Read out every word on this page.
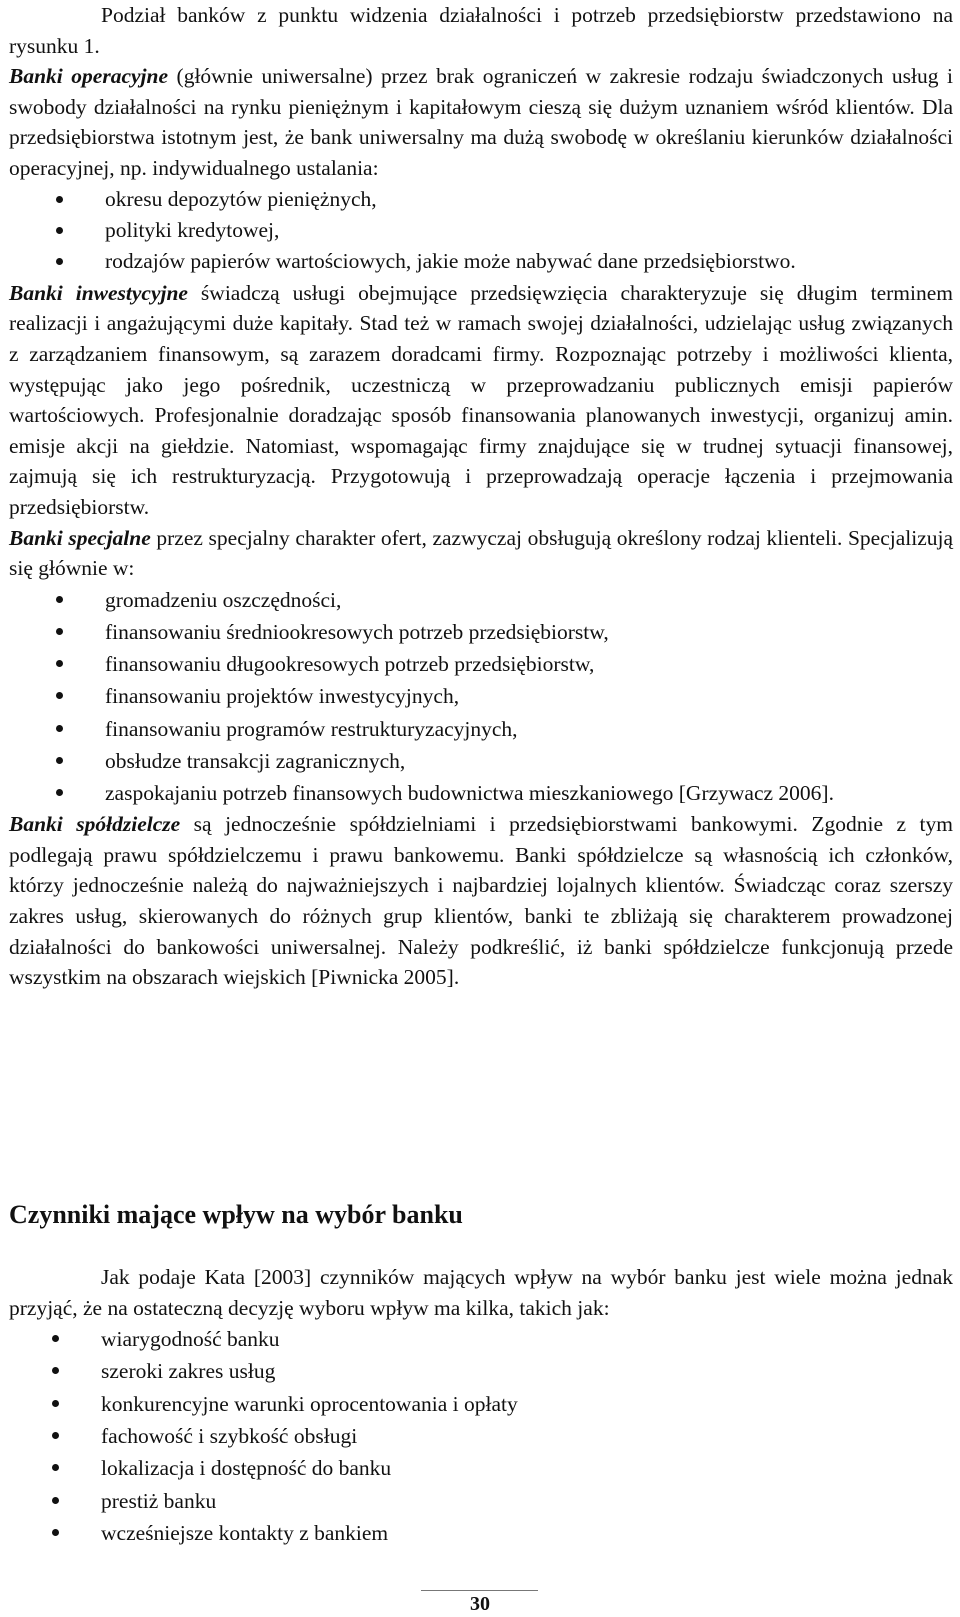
Podział banków z punktu widzenia działalności i potrzeb przedsiębiorstw przedstawiono na rysunku 1.

Banki operacyjne (głównie uniwersalne) przez brak ograniczeń w zakresie rodzaju świadczonych usług i swobody działalności na rynku pieniężnym i kapitałowym cieszą się dużym uznaniem wśród klientów. Dla przedsiębiorstwa istotnym jest, że bank uniwersalny ma dużą swobodę w określaniu kierunków działalności operacyjnej, np. indywidualnego ustalania:

okresu depozytów pieniężnych,
polityki kredytowej,
rodzajów papierów wartościowych, jakie może nabywać dane przedsiębiorstwo.

Banki inwestycyjne świadczą usługi obejmujące przedsięwzięcia charakteryzuje się długim terminem realizacji i angażującymi duże kapitały. Stad też w ramach swojej działalności, udzielając usług związanych z zarządzaniem finansowym, są zarazem doradcami firmy. Rozpoznając potrzeby i możliwości klienta, występując jako jego pośrednik, uczestniczą w przeprowadzaniu publicznych emisji papierów wartościowych. Profesjonalnie doradzając sposób finansowania planowanych inwestycji, organizuj amin. emisje akcji na giełdzie. Natomiast, wspomagając firmy znajdujące się w trudnej sytuacji finansowej, zajmują się ich restrukturyzacją. Przygotowują i przeprowadzają operacje łączenia i przejmowania przedsiębiorstw.

Banki specjalne przez specjalny charakter ofert, zazwyczaj obsługują określony rodzaj klienteli. Specjalizują się głównie w:

gromadzeniu oszczędności,
finansowaniu średniookresowych potrzeb przedsiębiorstw,
finansowaniu długookresowych potrzeb przedsiębiorstw,
finansowaniu projektów inwestycyjnych,
finansowaniu programów restrukturyzacyjnych,
obsłudze transakcji zagranicznych,
zaspokajaniu potrzeb finansowych budownictwa mieszkaniowego [Grzywacz 2006].

Banki spółdzielcze są jednocześnie spółdzielniami i przedsiębiorstwami bankowymi. Zgodnie z tym podlegają prawu spółdzielczemu i prawu bankowemu. Banki spółdzielcze są własnością ich członków, którzy jednocześnie należą do najważniejszych i najbardziej lojalnych klientów. Świadcząc coraz szerszy zakres usług, skierowanych do różnych grup klientów, banki te zbliżają się charakterem prowadzonej działalności do bankowości uniwersalnej. Należy podkreślić, iż banki spółdzielcze funkcjonują przede wszystkim na obszarach wiejskich [Piwnicka 2005].

Czynniki mające wpływ na wybór banku

Jak podaje Kata [2003] czynników mających wpływ na wybór banku jest wiele można jednak przyjąć, że na ostateczną decyzję wyboru wpływ ma kilka, takich jak:

wiarygodność banku
szeroki zakres usług
konkurencyjne warunki oprocentowania i opłaty
fachowość i szybkość obsługi
lokalizacja i dostępność do banku
prestiż banku
wcześniejsze kontakty z bankiem
30
